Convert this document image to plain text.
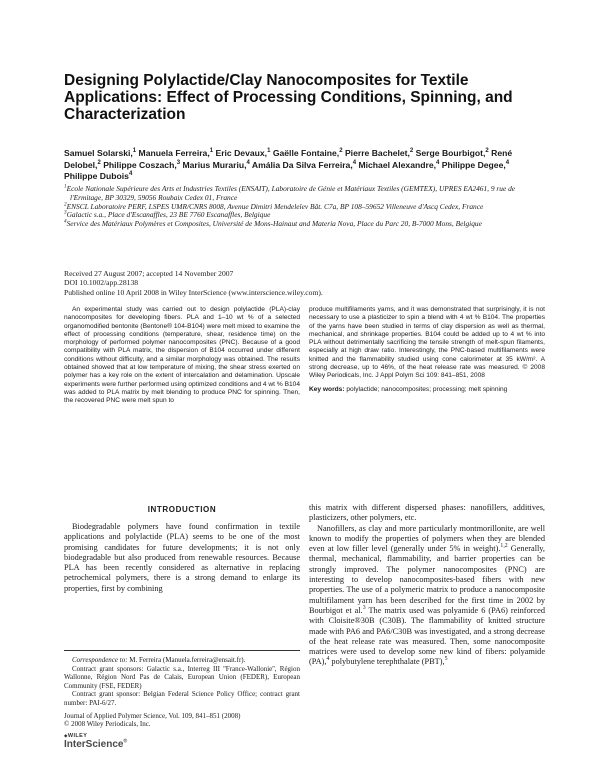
Designing Polylactide/Clay Nanocomposites for Textile Applications: Effect of Processing Conditions, Spinning, and Characterization
Samuel Solarski,$^1$ Manuela Ferreira,$^1$ Eric Devaux,$^1$ Gaëlle Fontaine,$^2$ Pierre Bachelet,$^2$ Serge Bourbigot,$^2$ René Delobel,$^2$ Philippe Coszach,$^3$ Marius Murariu,$^4$ Amália Da Silva Ferreira,$^4$ Michael Alexandre,$^4$ Philippe Degee,$^4$ Philippe Dubois$^4$
$^1$Ecole Nationale Supérieure des Arts et Industries Textiles (ENSAIT), Laboratoire de Génie et Matériaux Textiles (GEMTEX), UPRES EA2461, 9 rue de l'Ermitage, BP 30329, 59056 Roubaix Cedex 01, France
$^2$ENSCL Laboratoire PERF, LSPES UMR/CNRS 8008, Avenue Dimitri Mendeleïev Bât. C7a, BP 108–59652 Villeneuve d'Ascq Cedex, France
$^3$Galactic s.a., Place d'Escanaffles, 23 BE 7760 Escanaffles, Belgique
$^4$Service des Matériaux Polymères et Composites, Université de Mons-Hainaut and Materia Nova, Place du Parc 20, B-7000 Mons, Belgique
Received 27 August 2007; accepted 14 November 2007
DOI 10.1002/app.28138
Published online 10 April 2008 in Wiley InterScience (www.interscience.wiley.com).
An experimental study was carried out to design polylactide (PLA)-clay nanocomposites for developing fibers. PLA and 1–10 wt % of a selected organomodified bentonite (Bentone® 104-B104) were melt mixed to examine the effect of processing conditions (temperature, shear, residence time) on the morphology of performed polymer nanocomposites (PNC). Because of a good compatibility with PLA matrix, the dispersion of B104 occurred under different conditions without difficulty, and a similar morphology was obtained. The results obtained showed that at low temperature of mixing, the shear stress exerted on polymer has a key role on the extent of intercalation and delamination. Upscale experiments were further performed using optimized conditions and 4 wt % B104 was added to PLA matrix by melt blending to produce PNC for spinning. Then, the recovered PNC were melt spun to
produce multifilaments yarns, and it was demonstrated that surprisingly, it is not necessary to use a plasticizer to spin a blend with 4 wt % B104. The properties of the yarns have been studied in terms of clay dispersion as well as thermal, mechanical, and shrinkage properties. B104 could be added up to 4 wt % into PLA without detrimentally sacrificing the tensile strength of melt-spun filaments, especially at high draw ratio. Interestingly, the PNC-based multifilaments were knitted and the flammability studied using cone calorimeter at 35 kW/m². A strong decrease, up to 46%, of the heat release rate was measured. © 2008 Wiley Periodicals, Inc. J Appl Polym Sci 109: 841–851, 2008
Key words: polylactide; nanocomposites; processing; melt spinning
INTRODUCTION
Biodegradable polymers have found confirmation in textile applications and polylactide (PLA) seems to be one of the most promising candidates for future developments; it is not only biodegradable but also produced from renewable resources. Because PLA has been recently considered as alternative in replacing petrochemical polymers, there is a strong demand to enlarge its properties, first by combining

this matrix with different dispersed phases: nanofillers, additives, plasticizers, other polymers, etc.

Nanofillers, as clay and more particularly montmorillonite, are well known to modify the properties of polymers when they are blended even at low filler level (generally under 5% in weight).$^{1,2}$ Generally, thermal, mechanical, flammability, and barrier properties can be strongly improved. The polymer nanocomposites (PNC) are interesting to develop nanocomposites-based fibers with new properties. The use of a polymeric matrix to produce a nanocomposite multifilament yarn has been described for the first time in 2002 by Bourbigot et al.$^3$ The matrix used was polyamide 6 (PA6) reinforced with Cloisite®30B (C30B). The flammability of knitted structure made with PA6 and PA6/C30B was investigated, and a strong decrease of the heat release rate was measured. Then, some nanocomposite matrices were used to develop some new kind of fibers: polyamide (PA),$^4$ polybutylene terephthalate (PBT),$^5$

Correspondence to: M. Ferreira (Manuela.ferreira@ensait.fr).

Contract grant sponsors: Galactic s.a., Interreg III ''France-Wallonie'', Région Wallonne, Région Nord Pas de Calais, European Union (FEDER), European Community (FSE, FEDER)

Contract grant sponsor: Belgian Federal Science Policy Office; contract grant number: PAI-6/27.

Journal of Applied Polymer Science, Vol. 109, 841–851 (2008)
© 2008 Wiley Periodicals, Inc.
◆WILEY
InterScience®
